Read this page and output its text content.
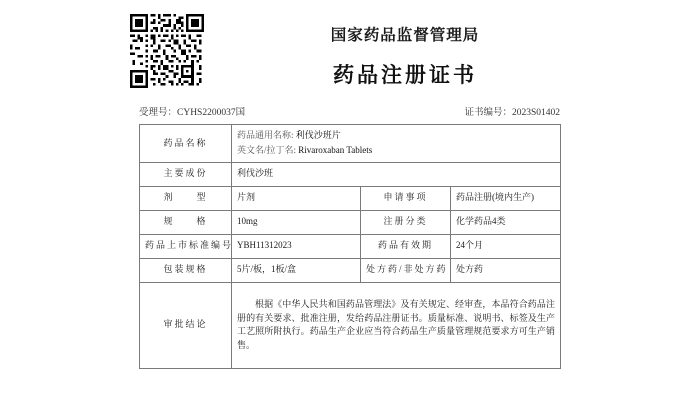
国家药品监督管理局
药品注册证书
受理号：CYHS2200037国	证书编号：2023S01402
药品名称	药品通用名称: 利伐沙班片
英文名/拉丁名: Rivaroxaban Tablets		

主要成份	利伐沙班		
剂　　型	片剂	申请事项	药品注册(境内生产)
规　　格	10mg	注册分类	化学药品4类
药品上市标准编号	YBH11312023	药品有效期	24个月
包装规格	5片/板，1板/盒	处方药/非处方药	处方药
审批结论	根据《中华人民共和国药品管理法》及有关规定、经审查，本品符合药品注册的有关要求、批准注册，发给药品注册证书。质量标准、说明书、标签及生产工艺照所附执行。药品生产企业应当符合药品生产质量管理规范要求方可生产销售。		
